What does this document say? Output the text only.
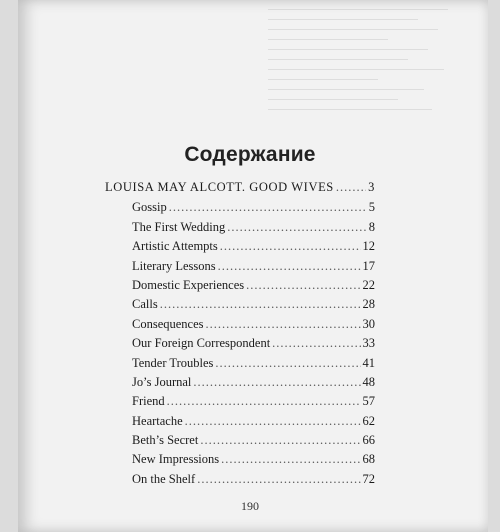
Содержание
LOUISA MAY ALCOTT. GOOD WIVES .....	3
Gossip .....	5
The First Wedding .....	8
Artistic Attempts .....	12
Literary Lessons .....	17
Domestic Experiences .....	22
Calls .....	28
Consequences .....	30
Our Foreign Correspondent .....	33
Tender Troubles .....	41
Jo’s Journal .....	48
Friend .....	57
Heartache .....	62
Beth’s Secret .....	66
New Impressions .....	68
On the Shelf .....	72
190
